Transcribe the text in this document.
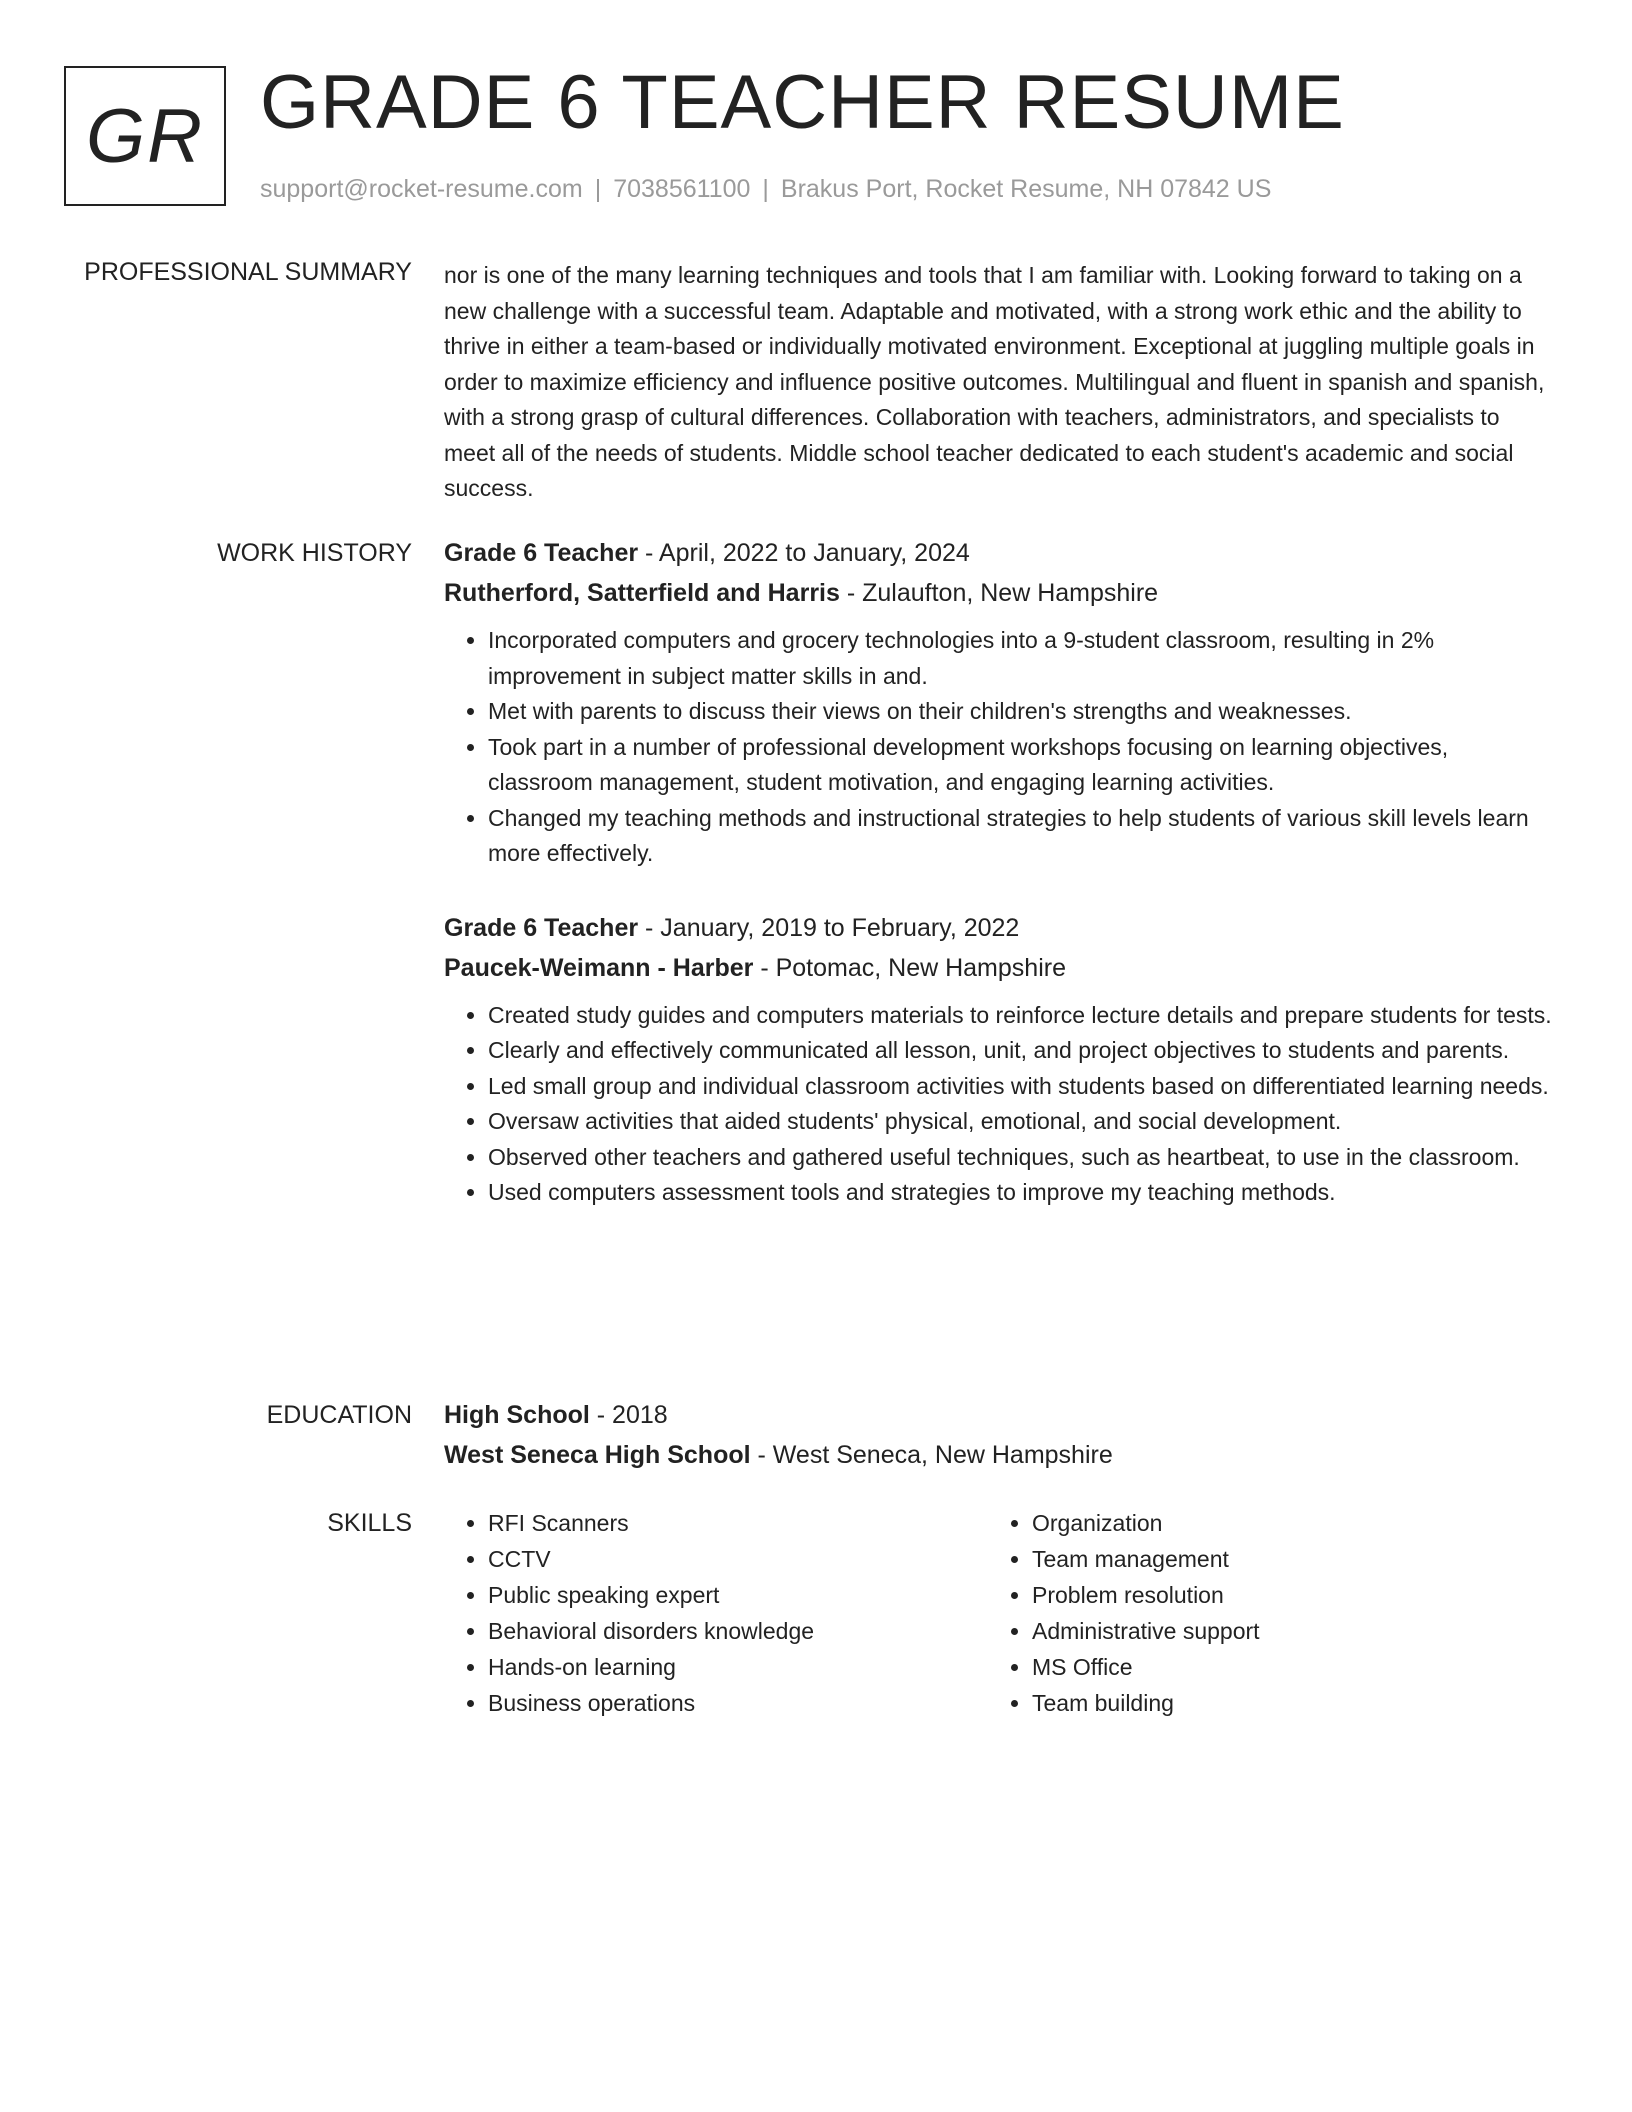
GR GRADE 6 TEACHER RESUME
support@rocket-resume.com | 7038561100 | Brakus Port, Rocket Resume, NH 07842 US
PROFESSIONAL SUMMARY nor is one of the many learning techniques and tools that I am familiar with. Looking forward to taking on a new challenge with a successful team. Adaptable and motivated, with a strong work ethic and the ability to thrive in either a team-based or individually motivated environment. Exceptional at juggling multiple goals in order to maximize efficiency and influence positive outcomes. Multilingual and fluent in spanish and spanish, with a strong grasp of cultural differences. Collaboration with teachers, administrators, and specialists to meet all of the needs of students. Middle school teacher dedicated to each student's academic and social success.

WORK HISTORY Grade 6 Teacher - April, 2022 to January, 2024

Rutherford, Satterfield and Harris - Zulaufton, New Hampshire

• Incorporated computers and grocery technologies into a 9-student classroom, resulting in 2% improvement in subject matter skills in and.
• Met with parents to discuss their views on their children's strengths and weaknesses.
• Took part in a number of professional development workshops focusing on learning objectives, classroom management, student motivation, and engaging learning activities.
• Changed my teaching methods and instructional strategies to help students of various skill levels learn more effectively.

Grade 6 Teacher - January, 2019 to February, 2022

Paucek-Weimann - Harber - Potomac, New Hampshire

• Created study guides and computers materials to reinforce lecture details and prepare students for tests.
• Clearly and effectively communicated all lesson, unit, and project objectives to students and parents.
• Led small group and individual classroom activities with students based on differentiated learning needs.
• Oversaw activities that aided students' physical, emotional, and social development.
• Observed other teachers and gathered useful techniques, such as heartbeat, to use in the classroom.
• Used computers assessment tools and strategies to improve my teaching methods.
EDUCATION High School - 2018

West Seneca High School - West Seneca, New Hampshire

SKILLS
•	RFI Scanners
• CCTV
• Public speaking expert
• Behavioral disorders knowledge
• Hands-on learning
• Business operations
• Organization
• Team management
• Problem resolution
• Administrative support
• MS Office
• Team building
